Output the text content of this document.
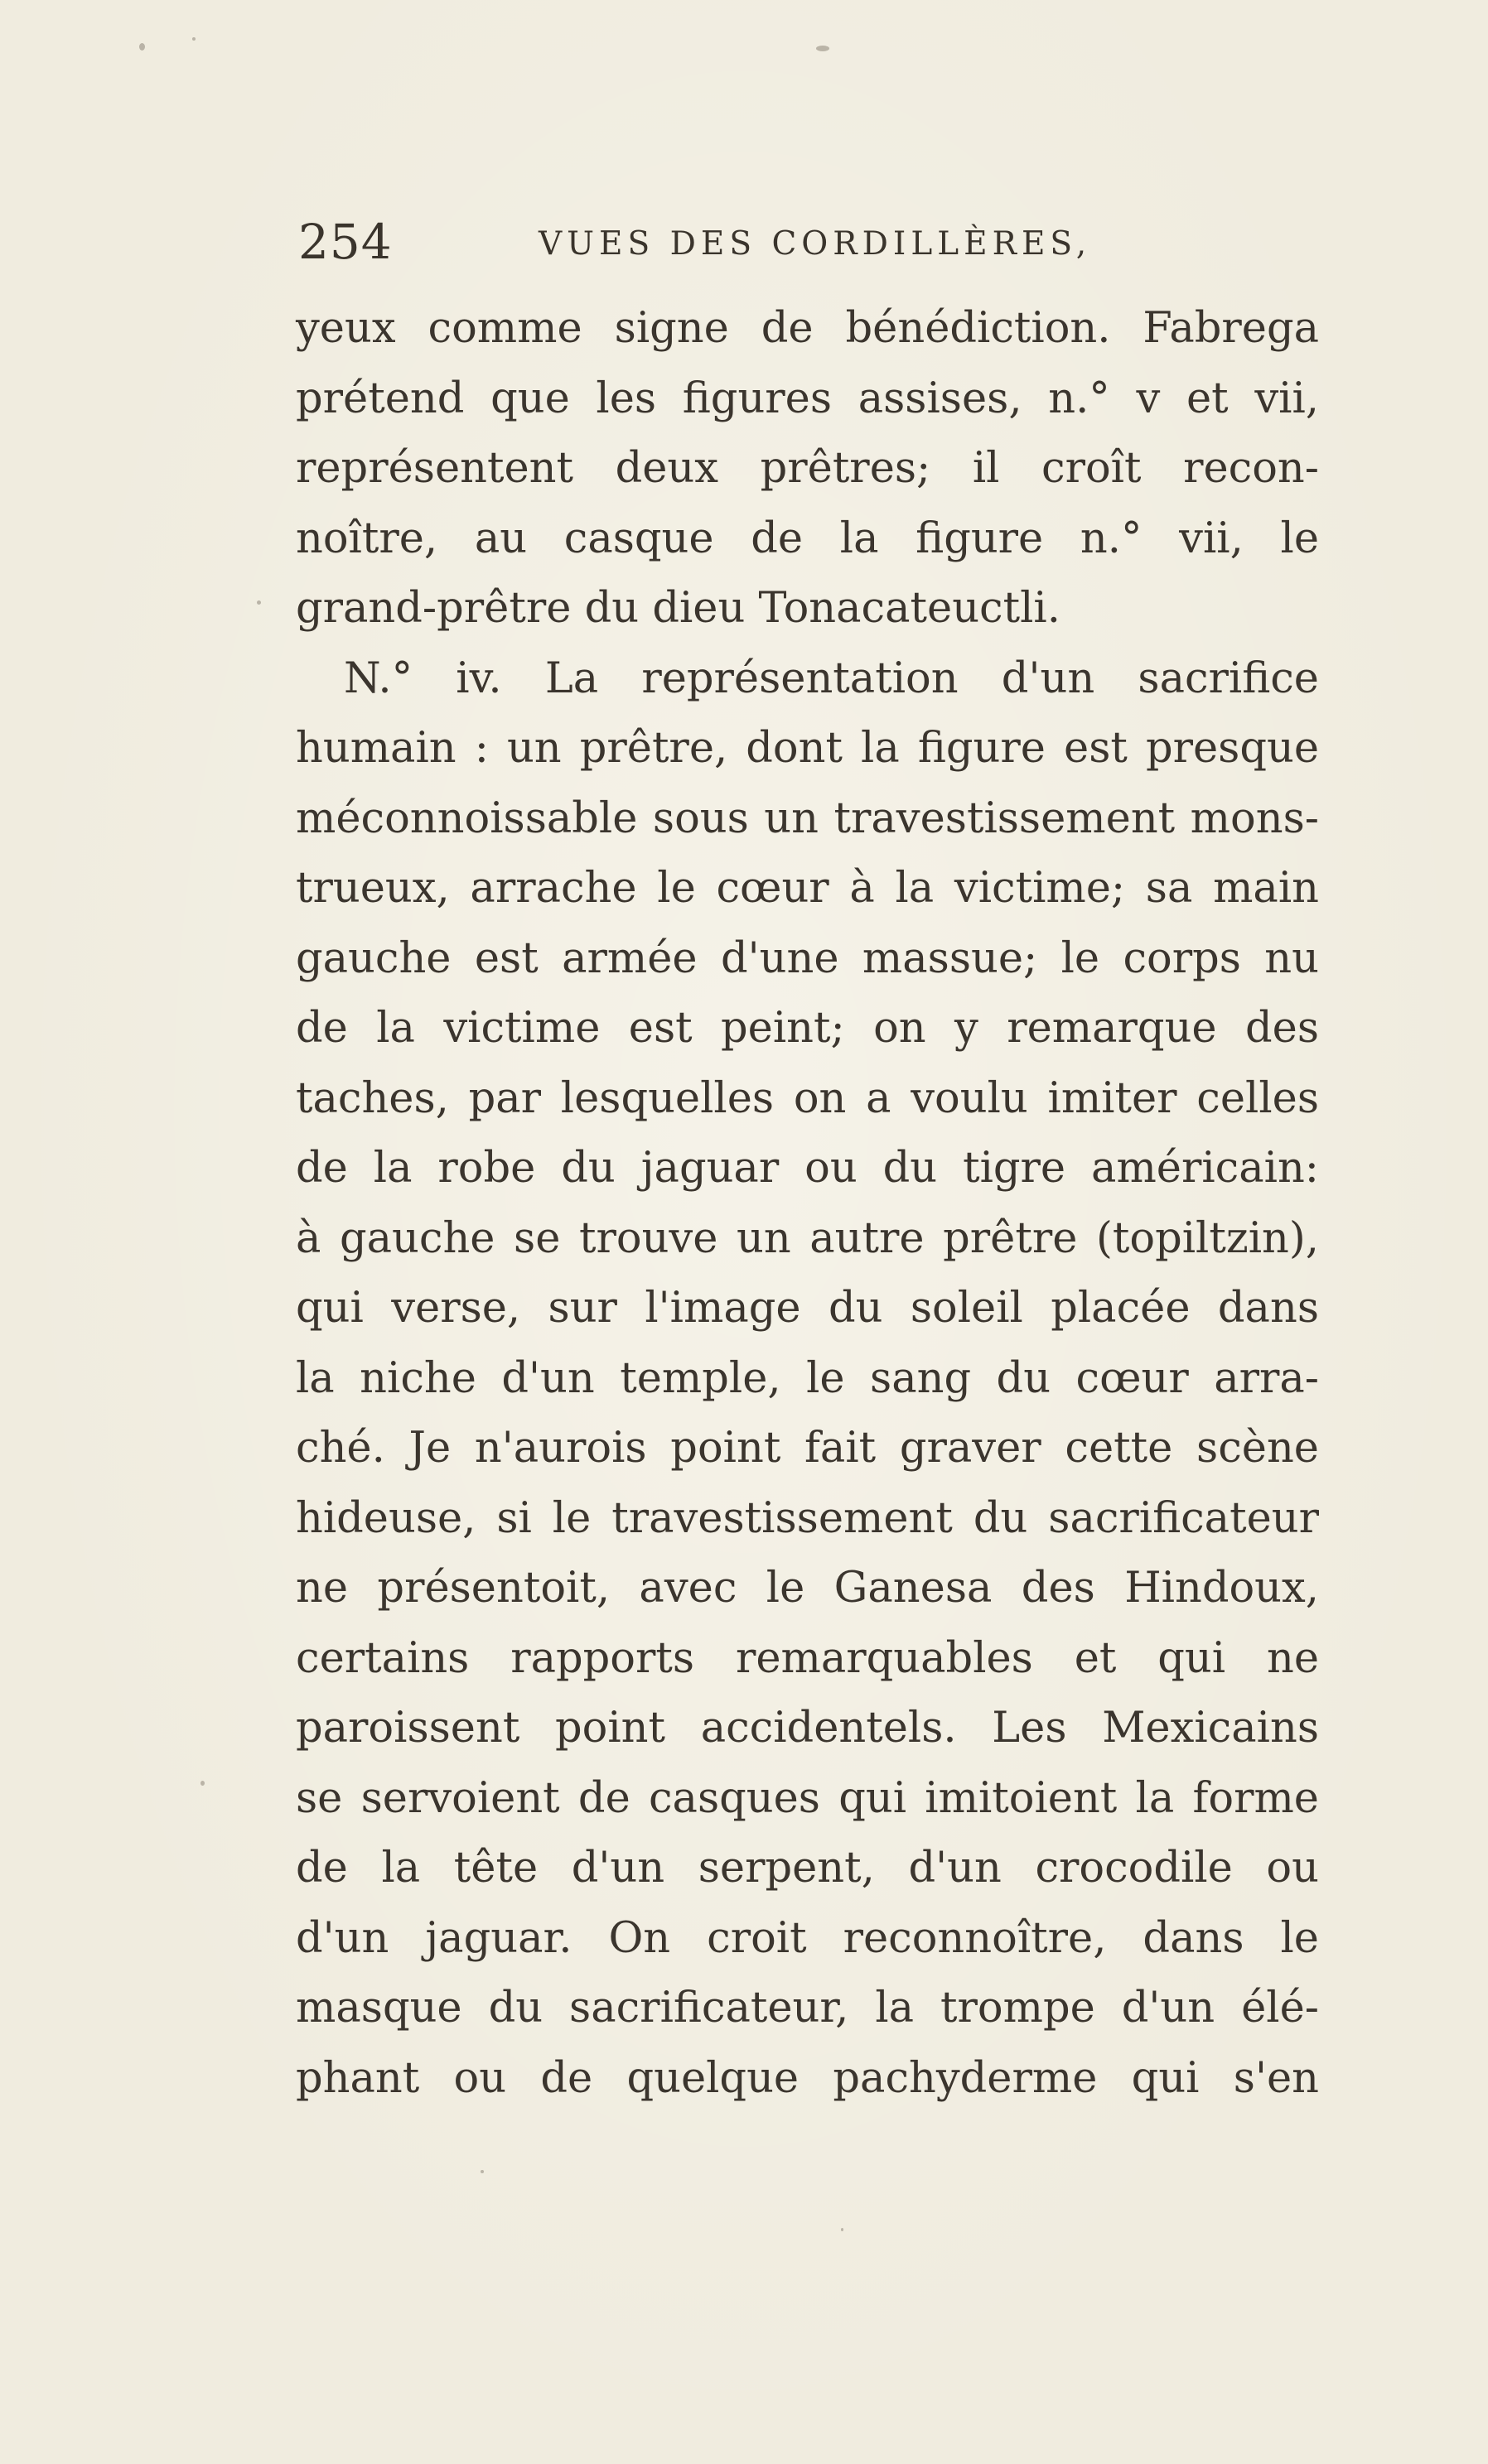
254	VUES DES CORDILLÈRES,
yeux comme signe de bénédiction. Fabrega
prétend que les figures assises, n.° v et vii,
représentent deux prêtres; il croît recon-
noître, au casque de la figure n.° vii, le
grand-prêtre du dieu Tonacateuctli.
N.° iv. La représentation d'un sacrifice
humain : un prêtre, dont la figure est presque
méconnoissable sous un travestissement mons-
trueux, arrache le cœur à la victime; sa main
gauche est armée d'une massue; le corps nu
de la victime est peint; on y remarque des
taches, par lesquelles on a voulu imiter celles
de la robe du jaguar ou du tigre américain:
à gauche se trouve un autre prêtre (topiltzin),
qui verse, sur l'image du soleil placée dans
la niche d'un temple, le sang du cœur arra-
ché. Je n'aurois point fait graver cette scène
hideuse, si le travestissement du sacrificateur
ne présentoit, avec le Ganesa des Hindoux,
certains rapports remarquables et qui ne
paroissent point accidentels. Les Mexicains
se servoient de casques qui imitoient la forme
de la tête d'un serpent, d'un crocodile ou
d'un jaguar. On croit reconnoître, dans le
masque du sacrificateur, la trompe d'un élé-
phant ou de quelque pachyderme qui s'en
